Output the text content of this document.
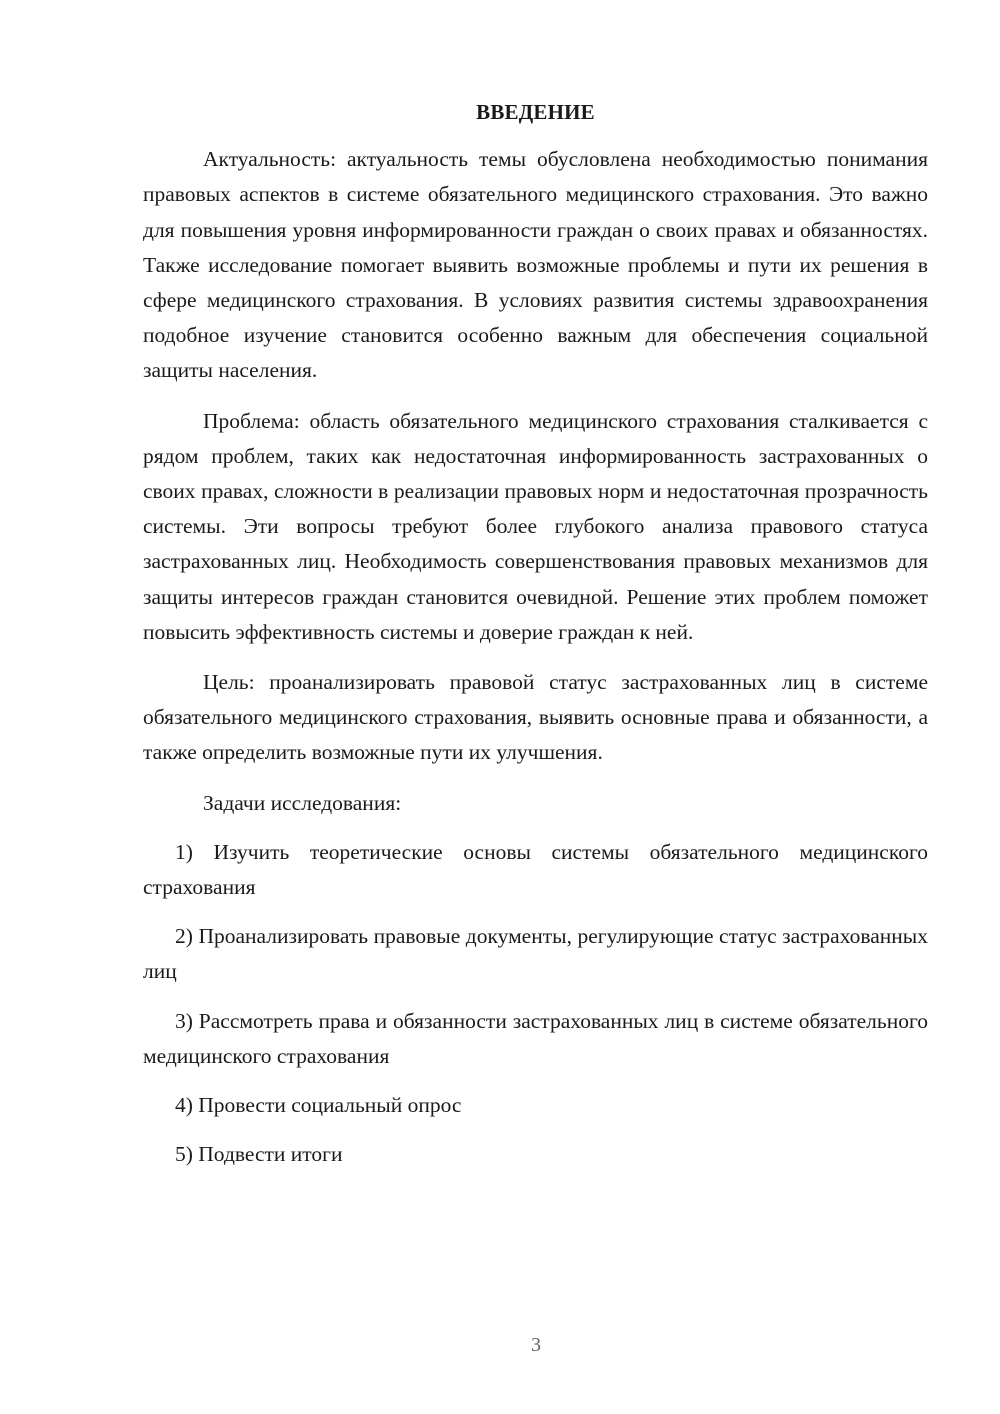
ВВЕДЕНИЕ

Актуальность: актуальность темы обусловлена необходимостью понимания правовых аспектов в системе обязательного медицинского страхования. Это важно для повышения уровня информированности граждан о своих правах и обязанностях. Также исследование помогает выявить возможные проблемы и пути их решения в сфере медицинского страхования. В условиях развития системы здравоохранения подобное изучение становится особенно важным для обеспечения социальной защиты населения.

Проблема: область обязательного медицинского страхования сталкивается с рядом проблем, таких как недостаточная информированность застрахованных о своих правах, сложности в реализации правовых норм и недостаточная прозрачность системы. Эти вопросы требуют более глубокого анализа правового статуса застрахованных лиц. Необходимость совершенствования правовых механизмов для защиты интересов граждан становится очевидной. Решение этих проблем поможет повысить эффективность системы и доверие граждан к ней.

Цель: проанализировать правовой статус застрахованных лиц в системе обязательного медицинского страхования, выявить основные права и обязанности, а также определить возможные пути их улучшения.

Задачи исследования:

1) Изучить теоретические основы системы обязательного медицинского страхования

2) Проанализировать правовые документы, регулирующие статус застрахованных лиц

3) Рассмотреть права и обязанности застрахованных лиц в системе обязательного медицинского страхования

4) Провести социальный опрос

5) Подвести итоги

3
